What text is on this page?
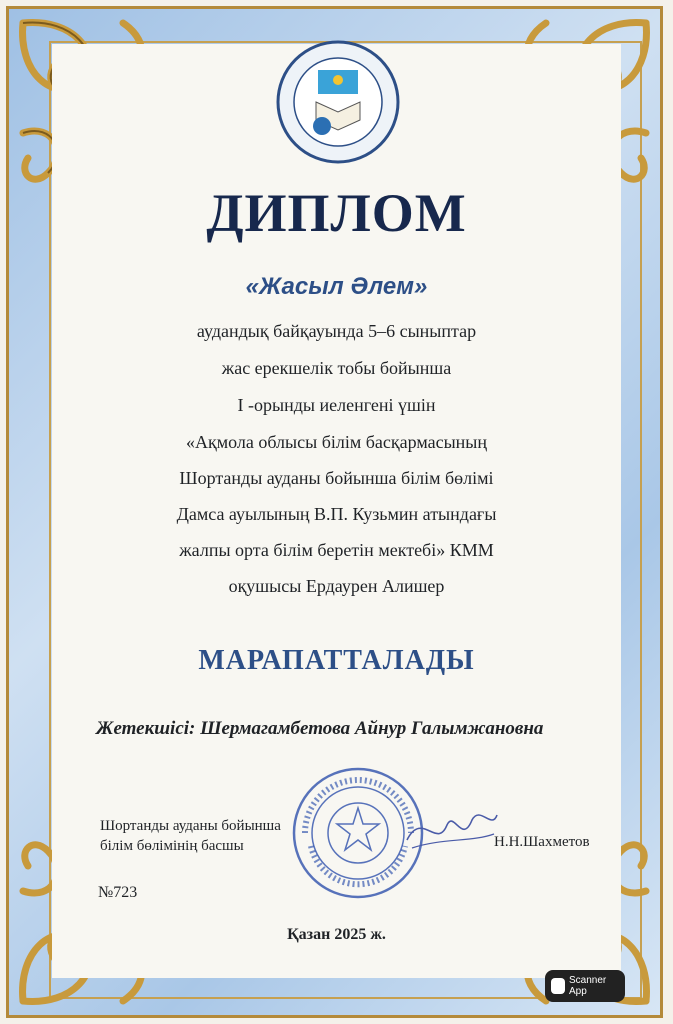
ДИПЛОМ
«Жасыл Әлем»
аудандық байқауында 5–6 сыныптар
жас ерекшелік тобы бойынша
І -орынды иеленгені үшін
«Ақмола облысы білім басқармасының
Шортанды ауданы бойынша білім бөлімі
Дамса ауылының В.П. Кузьмин атындағы
жалпы орта білім беретін мектебі» КММ
оқушысы Ердаурен Алишер
МАРАПАТТАЛАДЫ
Жетекшісі: Шермагамбетова Айнур Галымжановна
Шортанды ауданы бойынша
білім бөлімінің басшы	Н.Н.Шахметов
№723
Қазан 2025 ж.
Scanner App
